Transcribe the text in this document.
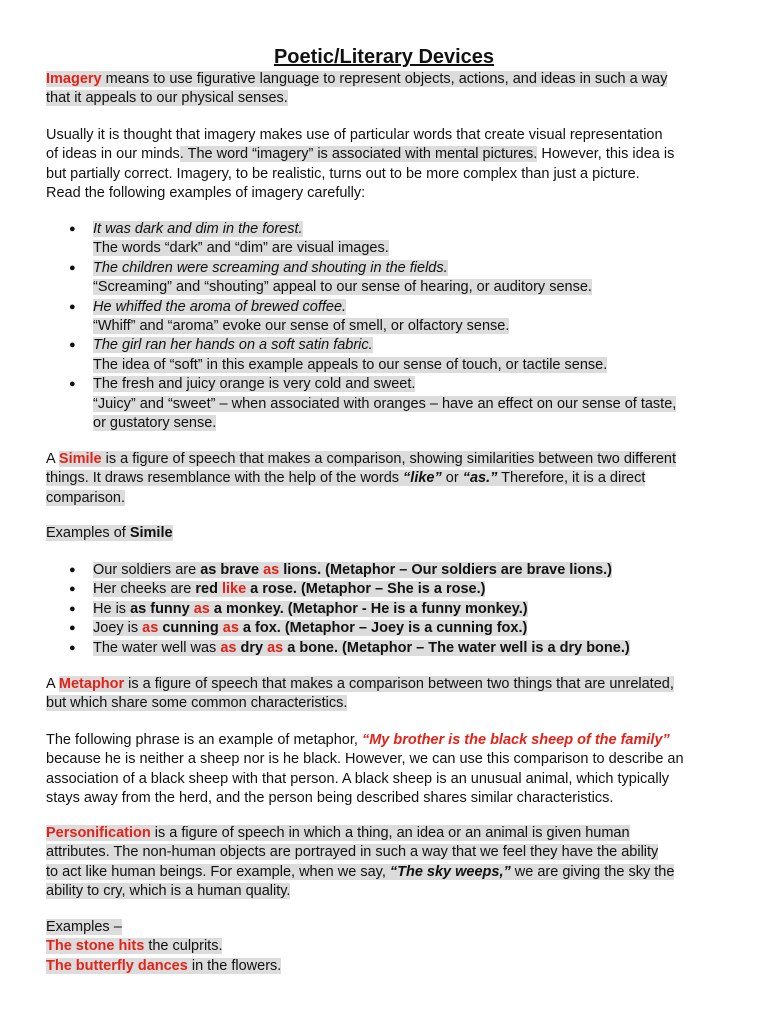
Poetic/Literary Devices
Imagery means to use figurative language to represent objects, actions, and ideas in such a way
that it appeals to our physical senses.
Usually it is thought that imagery makes use of particular words that create visual representation
of ideas in our minds. The word “imagery” is associated with mental pictures. However, this idea is
but partially correct. Imagery, to be realistic, turns out to be more complex than just a picture.
Read the following examples of imagery carefully:
● It was dark and dim in the forest.
The words “dark” and “dim” are visual images.
● The children were screaming and shouting in the fields.
“Screaming” and “shouting” appeal to our sense of hearing, or auditory sense.
● He whiffed the aroma of brewed coffee.
“Whiff” and “aroma” evoke our sense of smell, or olfactory sense.
● The girl ran her hands on a soft satin fabric.
The idea of “soft” in this example appeals to our sense of touch, or tactile sense.
● The fresh and juicy orange is very cold and sweet.
“Juicy” and “sweet” – when associated with oranges – have an effect on our sense of taste,
or gustatory sense.
A Simile is a figure of speech that makes a comparison, showing similarities between two different
things. It draws resemblance with the help of the words “like” or “as.” Therefore, it is a direct
comparison.
Examples of Simile
● Our soldiers are as brave as lions. (Metaphor – Our soldiers are brave lions.)
● Her cheeks are red like a rose. (Metaphor – She is a rose.)
● He is as funny as a monkey. (Metaphor - He is a funny monkey.)
● Joey is as cunning as a fox. (Metaphor – Joey is a cunning fox.)
● The water well was as dry as a bone. (Metaphor – The water well is a dry bone.)
A Metaphor is a figure of speech that makes a comparison between two things that are unrelated,
but which share some common characteristics.
The following phrase is an example of metaphor, “My brother is the black sheep of the family”
because he is neither a sheep nor is he black. However, we can use this comparison to describe an
association of a black sheep with that person. A black sheep is an unusual animal, which typically
stays away from the herd, and the person being described shares similar characteristics.
Personification is a figure of speech in which a thing, an idea or an animal is given human
attributes. The non-human objects are portrayed in such a way that we feel they have the ability
to act like human beings. For example, when we say, “The sky weeps,” we are giving the sky the
ability to cry, which is a human quality.
Examples –
The stone hits the culprits.
The butterfly dances in the flowers.
